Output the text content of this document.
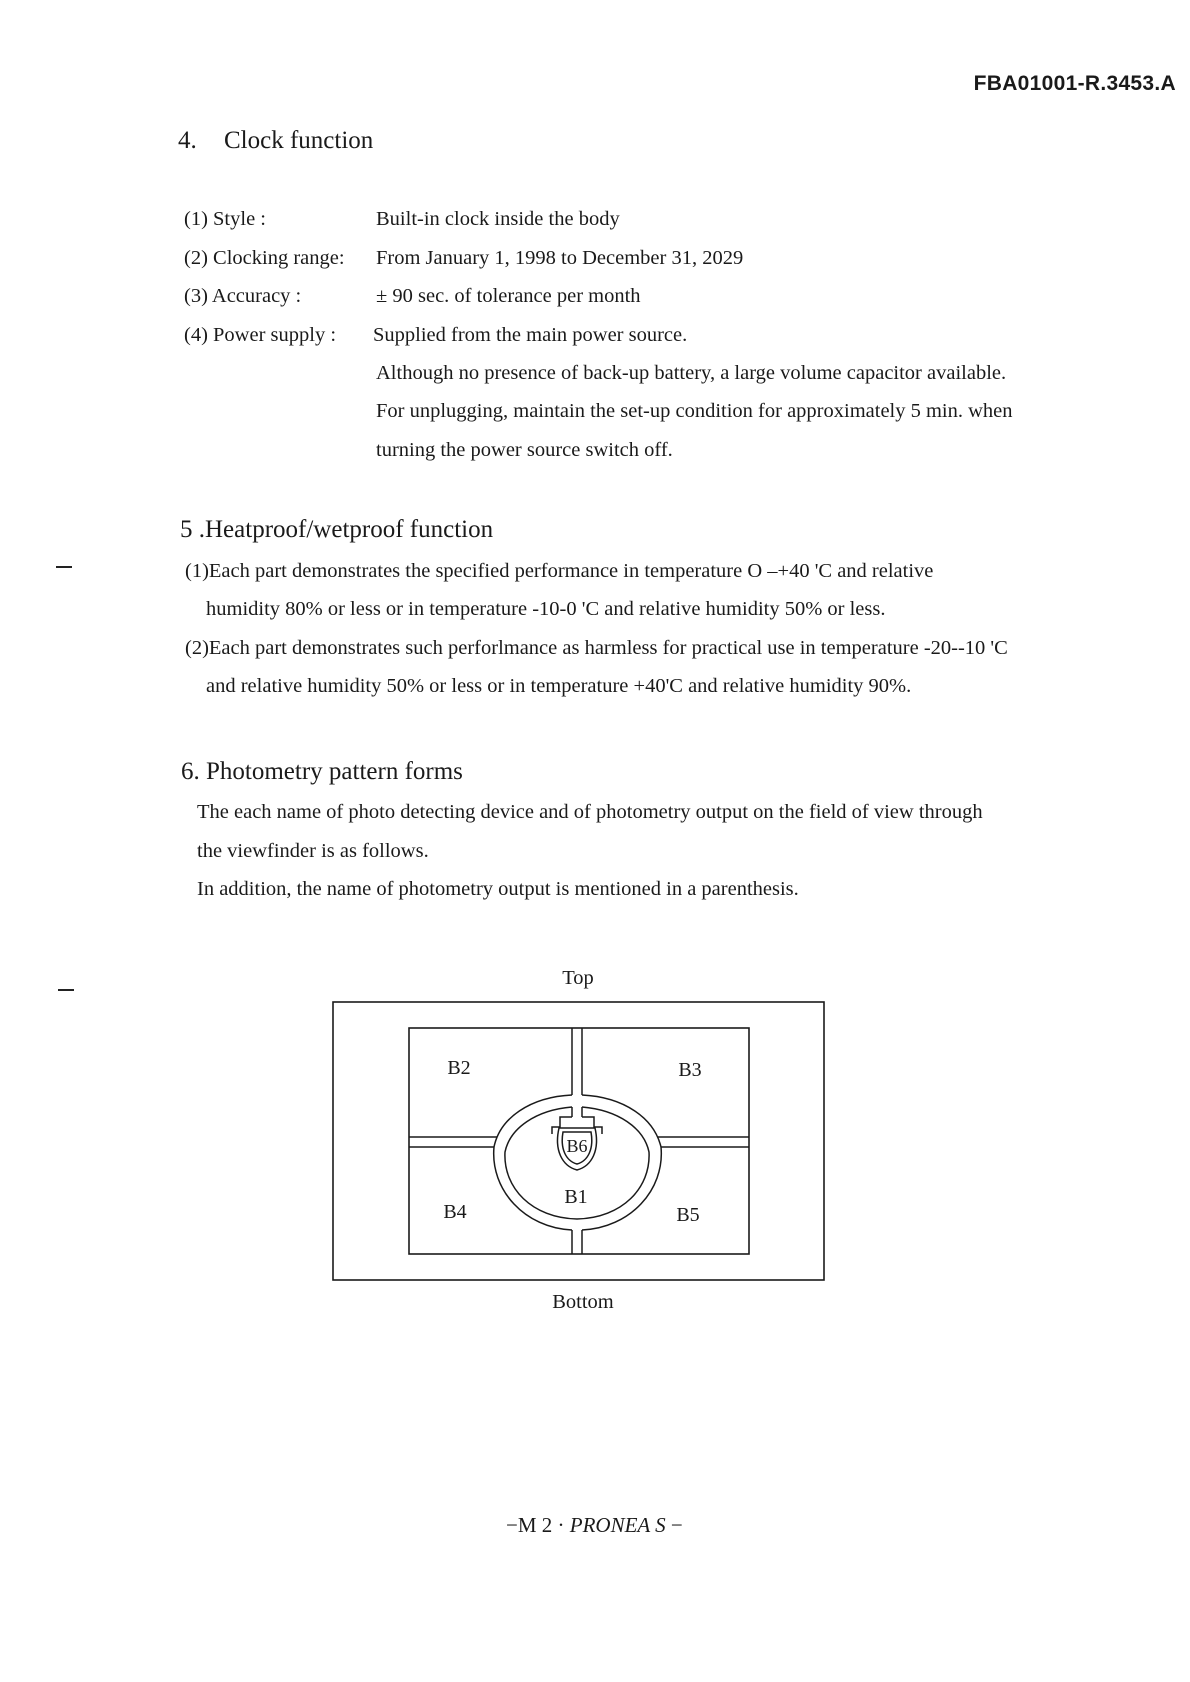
FBA01001-R.3453.A
4. Clock function
(1) Style :	Built-in clock inside the body
(2) Clocking range: From January 1, 1998 to December 31, 2029
(3) Accuracy :	± 90 sec. of tolerance per month
(4) Power supply : Supplied from the main power source.
Although no presence of back-up battery, a large volume capacitor available.
For unplugging, maintain the set-up condition for approximately 5 min. when
turning the power source switch off.
5 .Heatproof/wetproof function
(1)Each part demonstrates the specified performance in temperature O –+40 'C and relative
humidity 80% or less or in temperature -10-0 'C and relative humidity 50% or less.
(2)Each part demonstrates such perforlmance as harmless for practical use in temperature -20--10 'C
and relative humidity 50% or less or in temperature +40'C and relative humidity 90%.
6. Photometry pattern forms
The each name of photo detecting device and of photometry output on the field of view through
the viewfinder is as follows.
In addition, the name of photometry output is mentioned in a parenthesis.
Top
Bottom
B2	B3
B4	B5
B1
B6
−M 2 · PRONEA S −
